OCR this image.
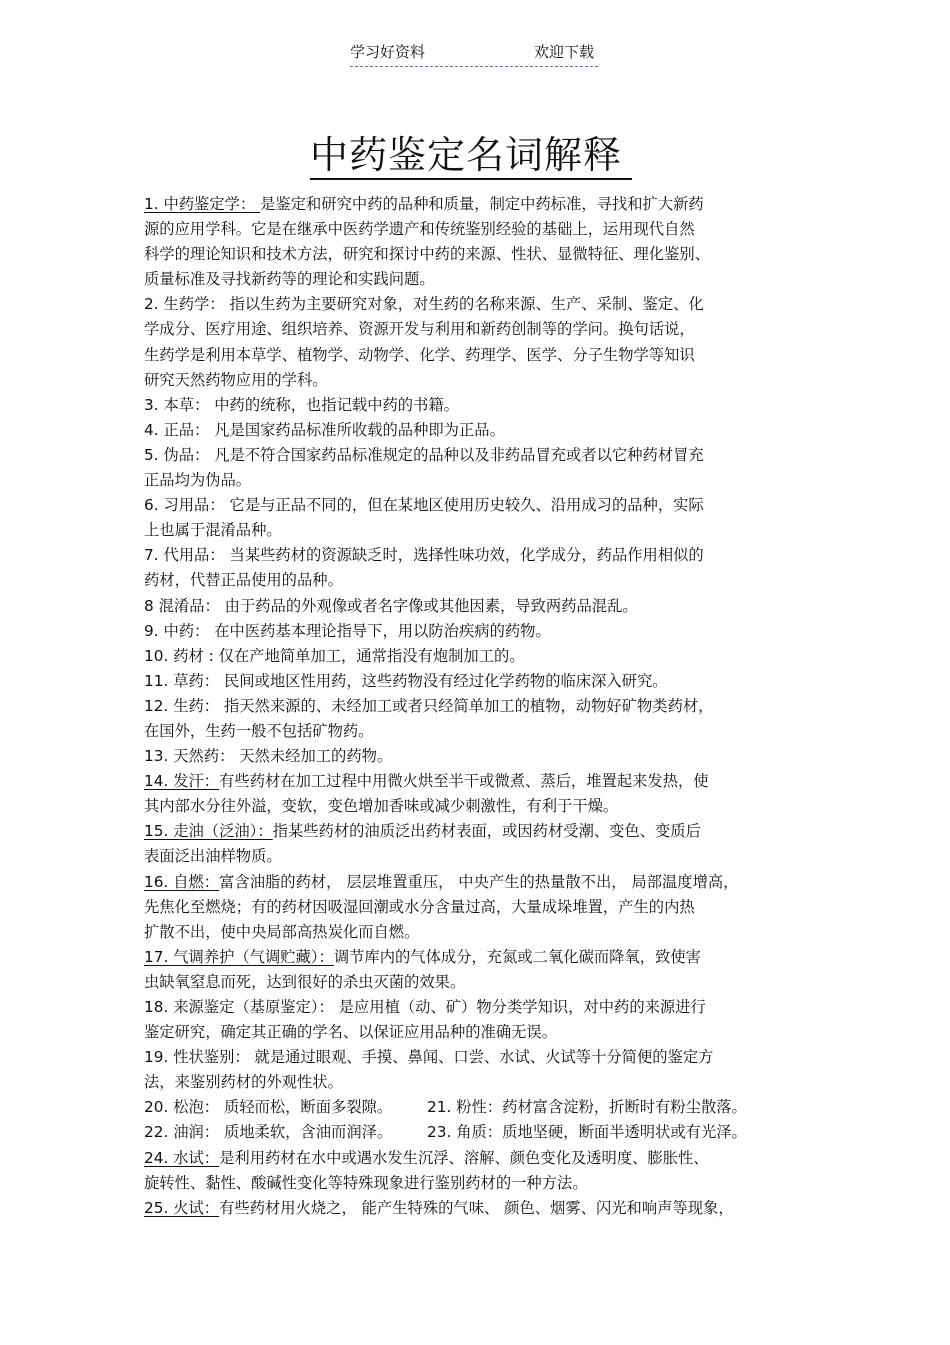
学习好资料	欢迎下载
中药鉴定名词解释
1. 中药鉴定学： 是鉴定和研究中药的品种和质量，制定中药标准，寻找和扩大新药
源的应用学科。它是在继承中医药学遗产和传统鉴别经验的基础上，运用现代自然
科学的理论知识和技术方法，研究和探讨中药的来源、性状、显微特征、理化鉴别、
质量标准及寻找新药等的理论和实践问题。
2. 生药学： 指以生药为主要研究对象，对生药的名称来源、生产、采制、鉴定、化
学成分、医疗用途、组织培养、资源开发与利用和新药创制等的学问。换句话说，
生药学是利用本草学、植物学、动物学、化学、药理学、医学、分子生物学等知识
研究天然药物应用的学科。
3. 本草： 中药的统称，也指记载中药的书籍。
4. 正品： 凡是国家药品标准所收载的品种即为正品。
5. 伪品： 凡是不符合国家药品标准规定的品种以及非药品冒充或者以它种药材冒充
正品均为伪品。
6. 习用品： 它是与正品不同的，但在某地区使用历史较久、沿用成习的品种，实际
上也属于混淆品种。
7. 代用品： 当某些药材的资源缺乏时，选择性味功效，化学成分，药品作用相似的
药材，代替正品使用的品种。
8 混淆品： 由于药品的外观像或者名字像或其他因素，导致两药品混乱。
9. 中药： 在中医药基本理论指导下，用以防治疾病的药物。
10. 药材 : 仅在产地简单加工，通常指没有炮制加工的。
11. 草药： 民间或地区性用药，这些药物没有经过化学药物的临床深入研究。
12. 生药： 指天然来源的、未经加工或者只经简单加工的植物，动物好矿物类药材，
在国外，生药一般不包括矿物药。
13. 天然药： 天然未经加工的药物。
14. 发汗：有些药材在加工过程中用微火烘至半干或微煮、蒸后，堆置起来发热，使
其内部水分往外溢，变软，变色增加香味或减少刺激性，有利于干燥。
15. 走油（泛油）：指某些药材的油质泛出药材表面，或因药材受潮、变色、变质后
表面泛出油样物质。
16. 自燃：富含油脂的药材， 层层堆置重压， 中央产生的热量散不出， 局部温度增高，
先焦化至燃烧；有的药材因吸湿回潮或水分含量过高，大量成垛堆置，产生的内热
扩散不出，使中央局部高热炭化而自燃。
17. 气调养护（气调贮藏）：调节库内的气体成分，充氮或二氧化碳而降氧，致使害
虫缺氧窒息而死，达到很好的杀虫灭菌的效果。
18. 来源鉴定（基原鉴定）： 是应用植（动、矿）物分类学知识，对中药的来源进行
鉴定研究，确定其正确的学名、以保证应用品种的准确无误。
19. 性状鉴别： 就是通过眼观、手摸、鼻闻、口尝、水试、火试等十分简便的鉴定方
法，来鉴别药材的外观性状。
20. 松泡： 质轻而松，断面多裂隙。	21. 粉性：药材富含淀粉，折断时有粉尘散落。
22. 油润： 质地柔软，含油而润泽。	23. 角质：质地坚硬，断面半透明状或有光泽。
24. 水试：是利用药材在水中或遇水发生沉浮、溶解、颜色变化及透明度、膨胀性、
旋转性、黏性、酸碱性变化等特殊现象进行鉴别药材的一种方法。
25. 火试：有些药材用火烧之， 能产生特殊的气味、 颜色、烟雾、闪光和响声等现象，
